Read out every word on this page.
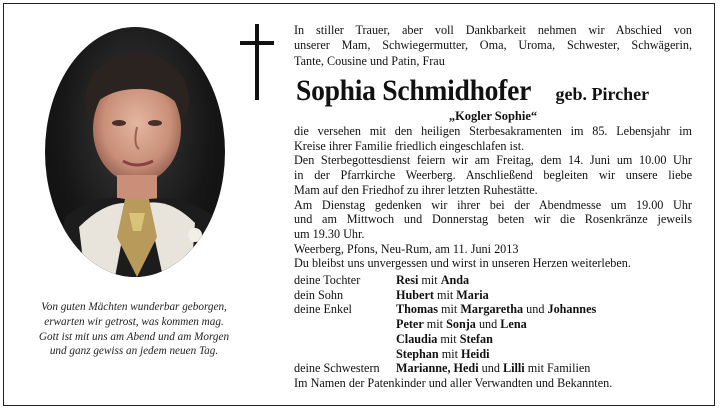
Von guten Mächten wunderbar geborgen,
erwarten wir getrost, was kommen mag.
Gott ist mit uns am Abend und am Morgen
und ganz gewiss an jedem neuen Tag.
In stiller Trauer, aber voll Dankbarkeit nehmen wir Abschied von
unserer Mam, Schwiegermutter, Oma, Uroma, Schwester, Schwägerin,
Tante, Cousine und Patin, Frau
Sophia Schmidhofer geb. Pircher
„Kogler Sophie“
die versehen mit den heiligen Sterbesakramenten im 85. Lebensjahr im
Kreise ihrer Familie friedlich eingeschlafen ist.
Den Sterbegottesdienst feiern wir am Freitag, dem 14. Juni um 10.00 Uhr
in der Pfarrkirche Weerberg. Anschließend begleiten wir unsere liebe
Mam auf den Friedhof zu ihrer letzten Ruhestätte.
Am Dienstag gedenken wir ihrer bei der Abendmesse um 19.00 Uhr
und am Mittwoch und Donnerstag beten wir die Rosenkränze jeweils
um 19.30 Uhr.
Weerberg, Pfons, Neu-Rum, am 11. Juni 2013
Du bleibst uns unvergessen und wirst in unseren Herzen weiterleben.
deine Tochter	Resi mit Anda
dein Sohn	Hubert mit Maria
deine Enkel	Thomas mit Margaretha und Johannes
Peter mit Sonja und Lena
Claudia mit Stefan
Stephan mit Heidi
deine Schwestern	Marianne, Hedi und Lilli mit Familien
Im Namen der Patenkinder und aller Verwandten und Bekannten.
